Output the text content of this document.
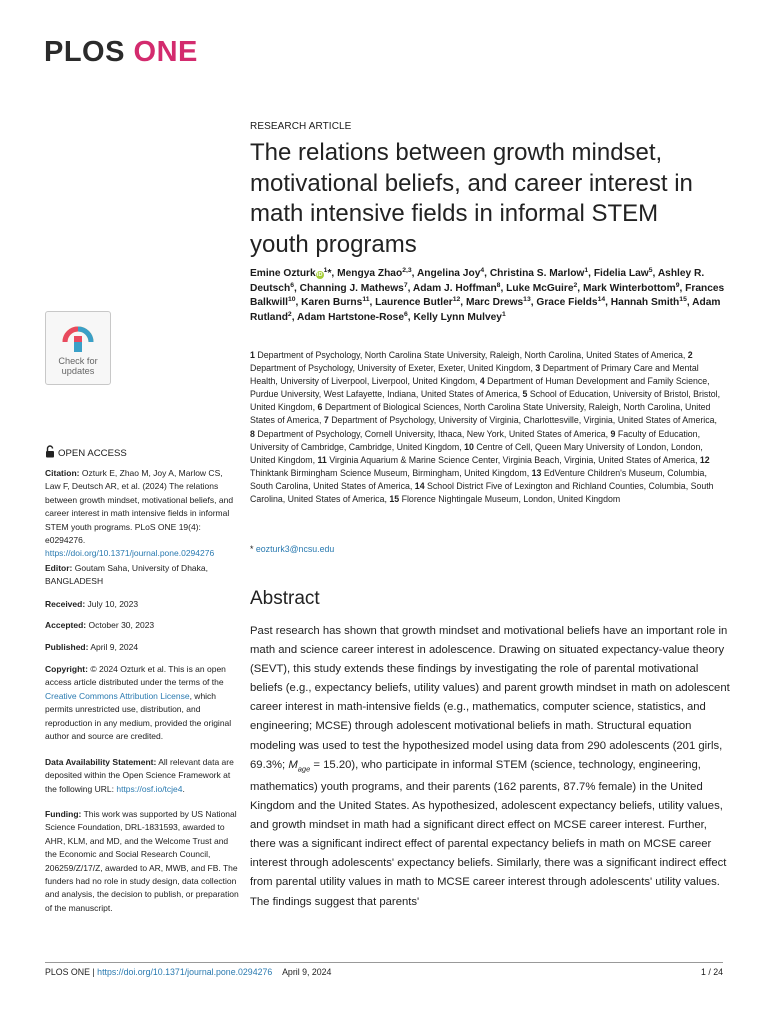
PLOS ONE
Check for
updates
OPEN ACCESS
Citation: Ozturk E, Zhao M, Joy A, Marlow CS, Law F, Deutsch AR, et al. (2024) The relations between growth mindset, motivational beliefs, and career interest in math intensive fields in informal STEM youth programs. PLoS ONE 19(4): e0294276. https://doi.org/10.1371/journal.pone.0294276
Editor: Goutam Saha, University of Dhaka, BANGLADESH
Received: July 10, 2023
Accepted: October 30, 2023
Published: April 9, 2024
Copyright: © 2024 Ozturk et al. This is an open access article distributed under the terms of the Creative Commons Attribution License, which permits unrestricted use, distribution, and reproduction in any medium, provided the original author and source are credited.
Data Availability Statement: All relevant data are deposited within the Open Science Framework at the following URL: https://osf.io/tcje4.
Funding: This work was supported by US National Science Foundation, DRL-1831593, awarded to AHR, KLM, and MD, and the Welcome Trust and the Economic and Social Research Council, 206259/Z/17/Z, awarded to AR, MWB, and FB. The funders had no role in study design, data collection and analysis, the decision to publish, or preparation of the manuscript.
RESEARCH ARTICLE
The relations between growth mindset, motivational beliefs, and career interest in math intensive fields in informal STEM youth programs
Emine OzturkiD$^1$*, Mengya Zhao$^{2,3}$, Angelina Joy$^4$, Christina S. Marlow$^1$, Fidelia Law$^5$, Ashley R. Deutsch$^6$, Channing J. Mathews$^7$, Adam J. Hoffman$^8$, Luke McGuire$^2$, Mark Winterbottom$^9$, Frances Balkwill$^{10}$, Karen Burns$^{11}$, Laurence Butler$^{12}$, Marc Drews$^{13}$, Grace Fields$^{14}$, Hannah Smith$^{15}$, Adam Rutland$^2$, Adam Hartstone-Rose$^6$, Kelly Lynn Mulvey$^1$
1 Department of Psychology, North Carolina State University, Raleigh, North Carolina, United States of America, 2 Department of Psychology, University of Exeter, Exeter, United Kingdom, 3 Department of Primary Care and Mental Health, University of Liverpool, Liverpool, United Kingdom, 4 Department of Human Development and Family Science, Purdue University, West Lafayette, Indiana, United States of America, 5 School of Education, University of Bristol, Bristol, United Kingdom, 6 Department of Biological Sciences, North Carolina State University, Raleigh, North Carolina, United States of America, 7 Department of Psychology, University of Virginia, Charlottesville, Virginia, United States of America, 8 Department of Psychology, Cornell University, Ithaca, New York, United States of America, 9 Faculty of Education, University of Cambridge, Cambridge, United Kingdom, 10 Centre of Cell, Queen Mary University of London, London, United Kingdom, 11 Virginia Aquarium & Marine Science Center, Virginia Beach, Virginia, United States of America, 12 Thinktank Birmingham Science Museum, Birmingham, United Kingdom, 13 EdVenture Children's Museum, Columbia, South Carolina, United States of America, 14 School District Five of Lexington and Richland Counties, Columbia, South Carolina, United States of America, 15 Florence Nightingale Museum, London, United Kingdom
* eozturk3@ncsu.edu
Abstract
Past research has shown that growth mindset and motivational beliefs have an important role in math and science career interest in adolescence. Drawing on situated expectancy-value theory (SEVT), this study extends these findings by investigating the role of parental motivational beliefs (e.g., expectancy beliefs, utility values) and parent growth mindset in math on adolescent career interest in math-intensive fields (e.g., mathematics, computer science, statistics, and engineering; MCSE) through adolescent motivational beliefs in math. Structural equation modeling was used to test the hypothesized model using data from 290 adolescents (201 girls, 69.3%; $M_{age} = 15.20$), who participate in informal STEM (science, technology, engineering, mathematics) youth programs, and their parents (162 parents, 87.7% female) in the United Kingdom and the United States. As hypothesized, adolescent expectancy beliefs, utility values, and growth mindset in math had a significant direct effect on MCSE career interest. Further, there was a significant indirect effect of parental expectancy beliefs in math on MCSE career interest through adolescents' expectancy beliefs. Similarly, there was a significant indirect effect from parental utility values in math to MCSE career interest through adolescents' utility values. The findings suggest that parents'
PLOS ONE | https://doi.org/10.1371/journal.pone.0294276 April 9, 2024	1 / 24
